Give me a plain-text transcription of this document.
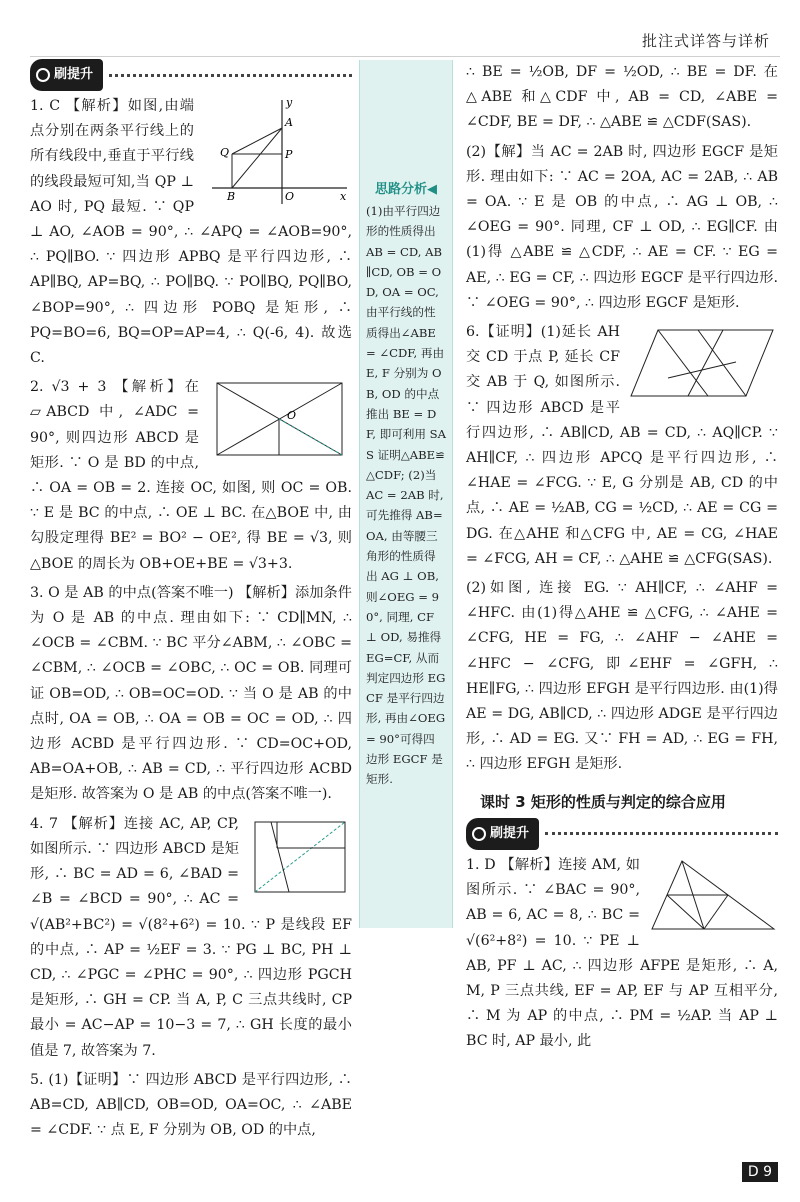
批注式详答与详析
刷提升
A
P
Q
B	O
y
x

1. C 【解析】如图,由端点分别在两条平行线上的所有线段中,垂直于平行线的线段最短可知,当 QP ⊥ AO 时, PQ 最短. ∵ QP ⊥ AO, ∠AOB = 90°, ∴ ∠APQ = ∠AOB=90°, ∴ PQ∥BO. ∵ 四边形 APBQ 是平行四边形, ∴ AP∥BQ, AP=BQ, ∴ PO∥BQ. ∵ PO∥BQ, PQ∥BO, ∠BOP=90°, ∴ 四边形 POBQ 是矩形, ∴ PQ=BO=6, BQ=OP=AP=4, ∴ Q(-6, 4). 故选 C.

O

2. √3 + 3 【解析】在 ▱ABCD 中, ∠ADC = 90°, 则四边形 ABCD 是矩形. ∵ O 是 BD 的中点, ∴ OA = OB = 2. 连接 OC, 如图, 则 OC = OB. ∵ E 是 BC 的中点, ∴ OE ⊥ BC. 在△BOE 中, 由勾股定理得 BE² = BO² − OE², 得 BE = √3, 则△BOE 的周长为 OB+OE+BE = √3+3.

3. O 是 AB 的中点(答案不唯一) 【解析】添加条件为 O 是 AB 的中点. 理由如下: ∵ CD∥MN, ∴ ∠OCB = ∠CBM. ∵ BC 平分∠ABM, ∴ ∠OBC = ∠CBM, ∴ ∠OCB = ∠OBC, ∴ OC = OB. 同理可证 OB=OD, ∴ OB=OC=OD. ∵ 当 O 是 AB 的中点时, OA = OB, ∴ OA = OB = OC = OD, ∴ 四边形 ACBD 是平行四边形. ∵ CD=OC+OD, AB=OA+OB, ∴ AB = CD, ∴ 平行四边形 ACBD 是矩形. 故答案为 O 是 AB 的中点(答案不唯一).

4. 7 【解析】连接 AC, AP, CP, 如图所示. ∵ 四边形 ABCD 是矩形, ∴ BC = AD = 6, ∠BAD = ∠B = ∠BCD = 90°, ∴ AC = √(AB²+BC²) = √(8²+6²) = 10. ∵ P 是线段 EF 的中点, ∴ AP = ½EF = 3. ∵ PG ⊥ BC, PH ⊥ CD, ∴ ∠PGC = ∠PHC = 90°, ∴ 四边形 PGCH 是矩形, ∴ GH = CP. 当 A, P, C 三点共线时, CP最小 = AC−AP = 10−3 = 7, ∴ GH 长度的最小值是 7, 故答案为 7.

5. (1)【证明】∵ 四边形 ABCD 是平行四边形, ∴ AB=CD, AB∥CD, OB=OD, OA=OC, ∴ ∠ABE = ∠CDF. ∵ 点 E, F 分别为 OB, OD 的中点,

思路分析◀
(1)由平行四边形的性质得出 AB = CD, AB∥CD, OB = OD, OA = OC, 由平行线的性质得出∠ABE = ∠CDF, 再由 E, F 分别为 OB, OD 的中点推出 BE = DF, 即可利用 SAS 证明△ABE≌△CDF; (2)当 AC = 2AB 时, 可先推得 AB=OA, 由等腰三角形的性质得出 AG ⊥ OB, 则∠OEG = 90°, 同理, CF ⊥ OD, 易推得 EG=CF, 从而判定四边形 EGCF 是平行四边形, 再由∠OEG = 90°可得四边形 EGCF 是矩形.

∴ BE = ½OB, DF = ½OD, ∴ BE = DF. 在△ABE 和△CDF 中, AB = CD, ∠ABE = ∠CDF, BE = DF, ∴ △ABE ≌ △CDF(SAS).

(2)【解】当 AC = 2AB 时, 四边形 EGCF 是矩形. 理由如下: ∵ AC = 2OA, AC = 2AB, ∴ AB = OA. ∵ E 是 OB 的中点, ∴ AG ⊥ OB, ∴ ∠OEG = 90°. 同理, CF ⊥ OD, ∴ EG∥CF. 由(1)得 △ABE ≌ △CDF, ∴ AE = CF. ∵ EG = AE, ∴ EG = CF, ∴ 四边形 EGCF 是平行四边形. ∵ ∠OEG = 90°, ∴ 四边形 EGCF 是矩形.

6.【证明】(1)延长 AH 交 CD 于点 P, 延长 CF 交 AB 于 Q, 如图所示. ∵ 四边形 ABCD 是平行四边形, ∴ AB∥CD, AB = CD, ∴ AQ∥CP. ∵ AH∥CF, ∴ 四边形 APCQ 是平行四边形, ∴ ∠HAE = ∠FCG. ∵ E, G 分别是 AB, CD 的中点, ∴ AE = ½AB, CG = ½CD, ∴ AE = CG = DG. 在△AHE 和△CFG 中, AE = CG, ∠HAE = ∠FCG, AH = CF, ∴ △AHE ≌ △CFG(SAS).

(2)如图, 连接 EG. ∵ AH∥CF, ∴ ∠AHF = ∠HFC. 由(1)得△AHE ≌ △CFG, ∴ ∠AHE = ∠CFG, HE = FG, ∴ ∠AHF − ∠AHE = ∠HFC − ∠CFG, 即∠EHF = ∠GFH, ∴ HE∥FG, ∴ 四边形 EFGH 是平行四边形. 由(1)得 AE = DG, AB∥CD, ∴ 四边形 ADGE 是平行四边形, ∴ AD = EG. 又∵ FH = AD, ∴ EG = FH, ∴ 四边形 EFGH 是矩形.

课时 3 矩形的性质与判定的综合应用
刷提升

1. D 【解析】连接 AM, 如图所示. ∵ ∠BAC = 90°, AB = 6, AC = 8, ∴ BC = √(6²+8²) = 10. ∵ PE ⊥ AB, PF ⊥ AC, ∴ 四边形 AFPE 是矩形, ∴ A, M, P 三点共线, EF = AP, EF 与 AP 互相平分, ∴ M 为 AP 的中点, ∴ PM = ½AP. 当 AP ⊥ BC 时, AP 最小, 此

D 9
